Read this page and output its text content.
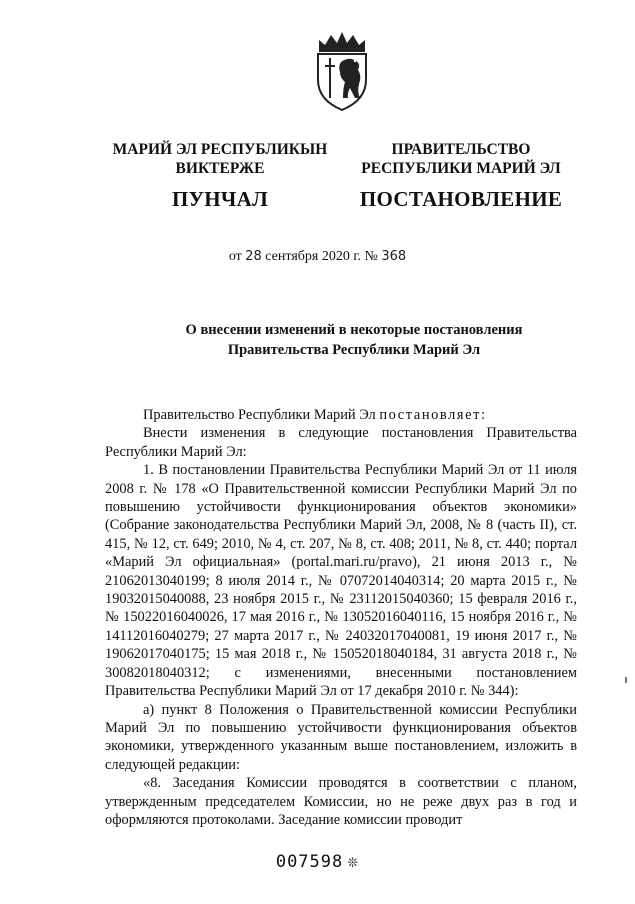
МАРИЙ ЭЛ РЕСПУБЛИКЫН
ВИКТЕРЖЕ
ПУНЧАЛ
ПРАВИТЕЛЬСТВО
РЕСПУБЛИКИ МАРИЙ ЭЛ
ПОСТАНОВЛЕНИЕ
от 28 сентября 2020 г. № 368
О внесении изменений в некоторые постановления
Правительства Республики Марий Эл

Правительство Республики Марий Эл постановляет:

Внести изменения в следующие постановления Правительства Республики Марий Эл:

1. В постановлении Правительства Республики Марий Эл от 11 июля 2008 г. № 178 «О Правительственной комиссии Республики Марий Эл по повышению устойчивости функционирования объектов экономики» (Собрание законодательства Республики Марий Эл, 2008, № 8 (часть II), ст. 415, № 12, ст. 649; 2010, № 4, ст. 207, № 8, ст. 408; 2011, № 8, ст. 440; портал «Марий Эл официальная» (portal.mari.ru/pravo), 21 июня 2013 г., № 21062013040199; 8 июля 2014 г., № 07072014040314; 20 марта 2015 г., № 19032015040088, 23 ноября 2015 г., № 23112015040360; 15 февраля 2016 г., № 15022016040026, 17 мая 2016 г., № 13052016040116, 15 ноября 2016 г., № 14112016040279; 27 марта 2017 г., № 24032017040081, 19 июня 2017 г., № 19062017040175; 15 мая 2018 г., № 15052018040184, 31 августа 2018 г., № 30082018040312; с изменениями, внесенными постановлением Правительства Республики Марий Эл от 17 декабря 2010 г. № 344):

а) пункт 8 Положения о Правительственной комиссии Республики Марий Эл по повышению устойчивости функционирования объектов экономики, утвержденного указанным выше постановлением, изложить в следующей редакции:

«8. Заседания Комиссии проводятся в соответствии с планом, утвержденным председателем Комиссии, но не реже двух раз в год и оформляются протоколами. Заседание комиссии проводит

007598 ❊
